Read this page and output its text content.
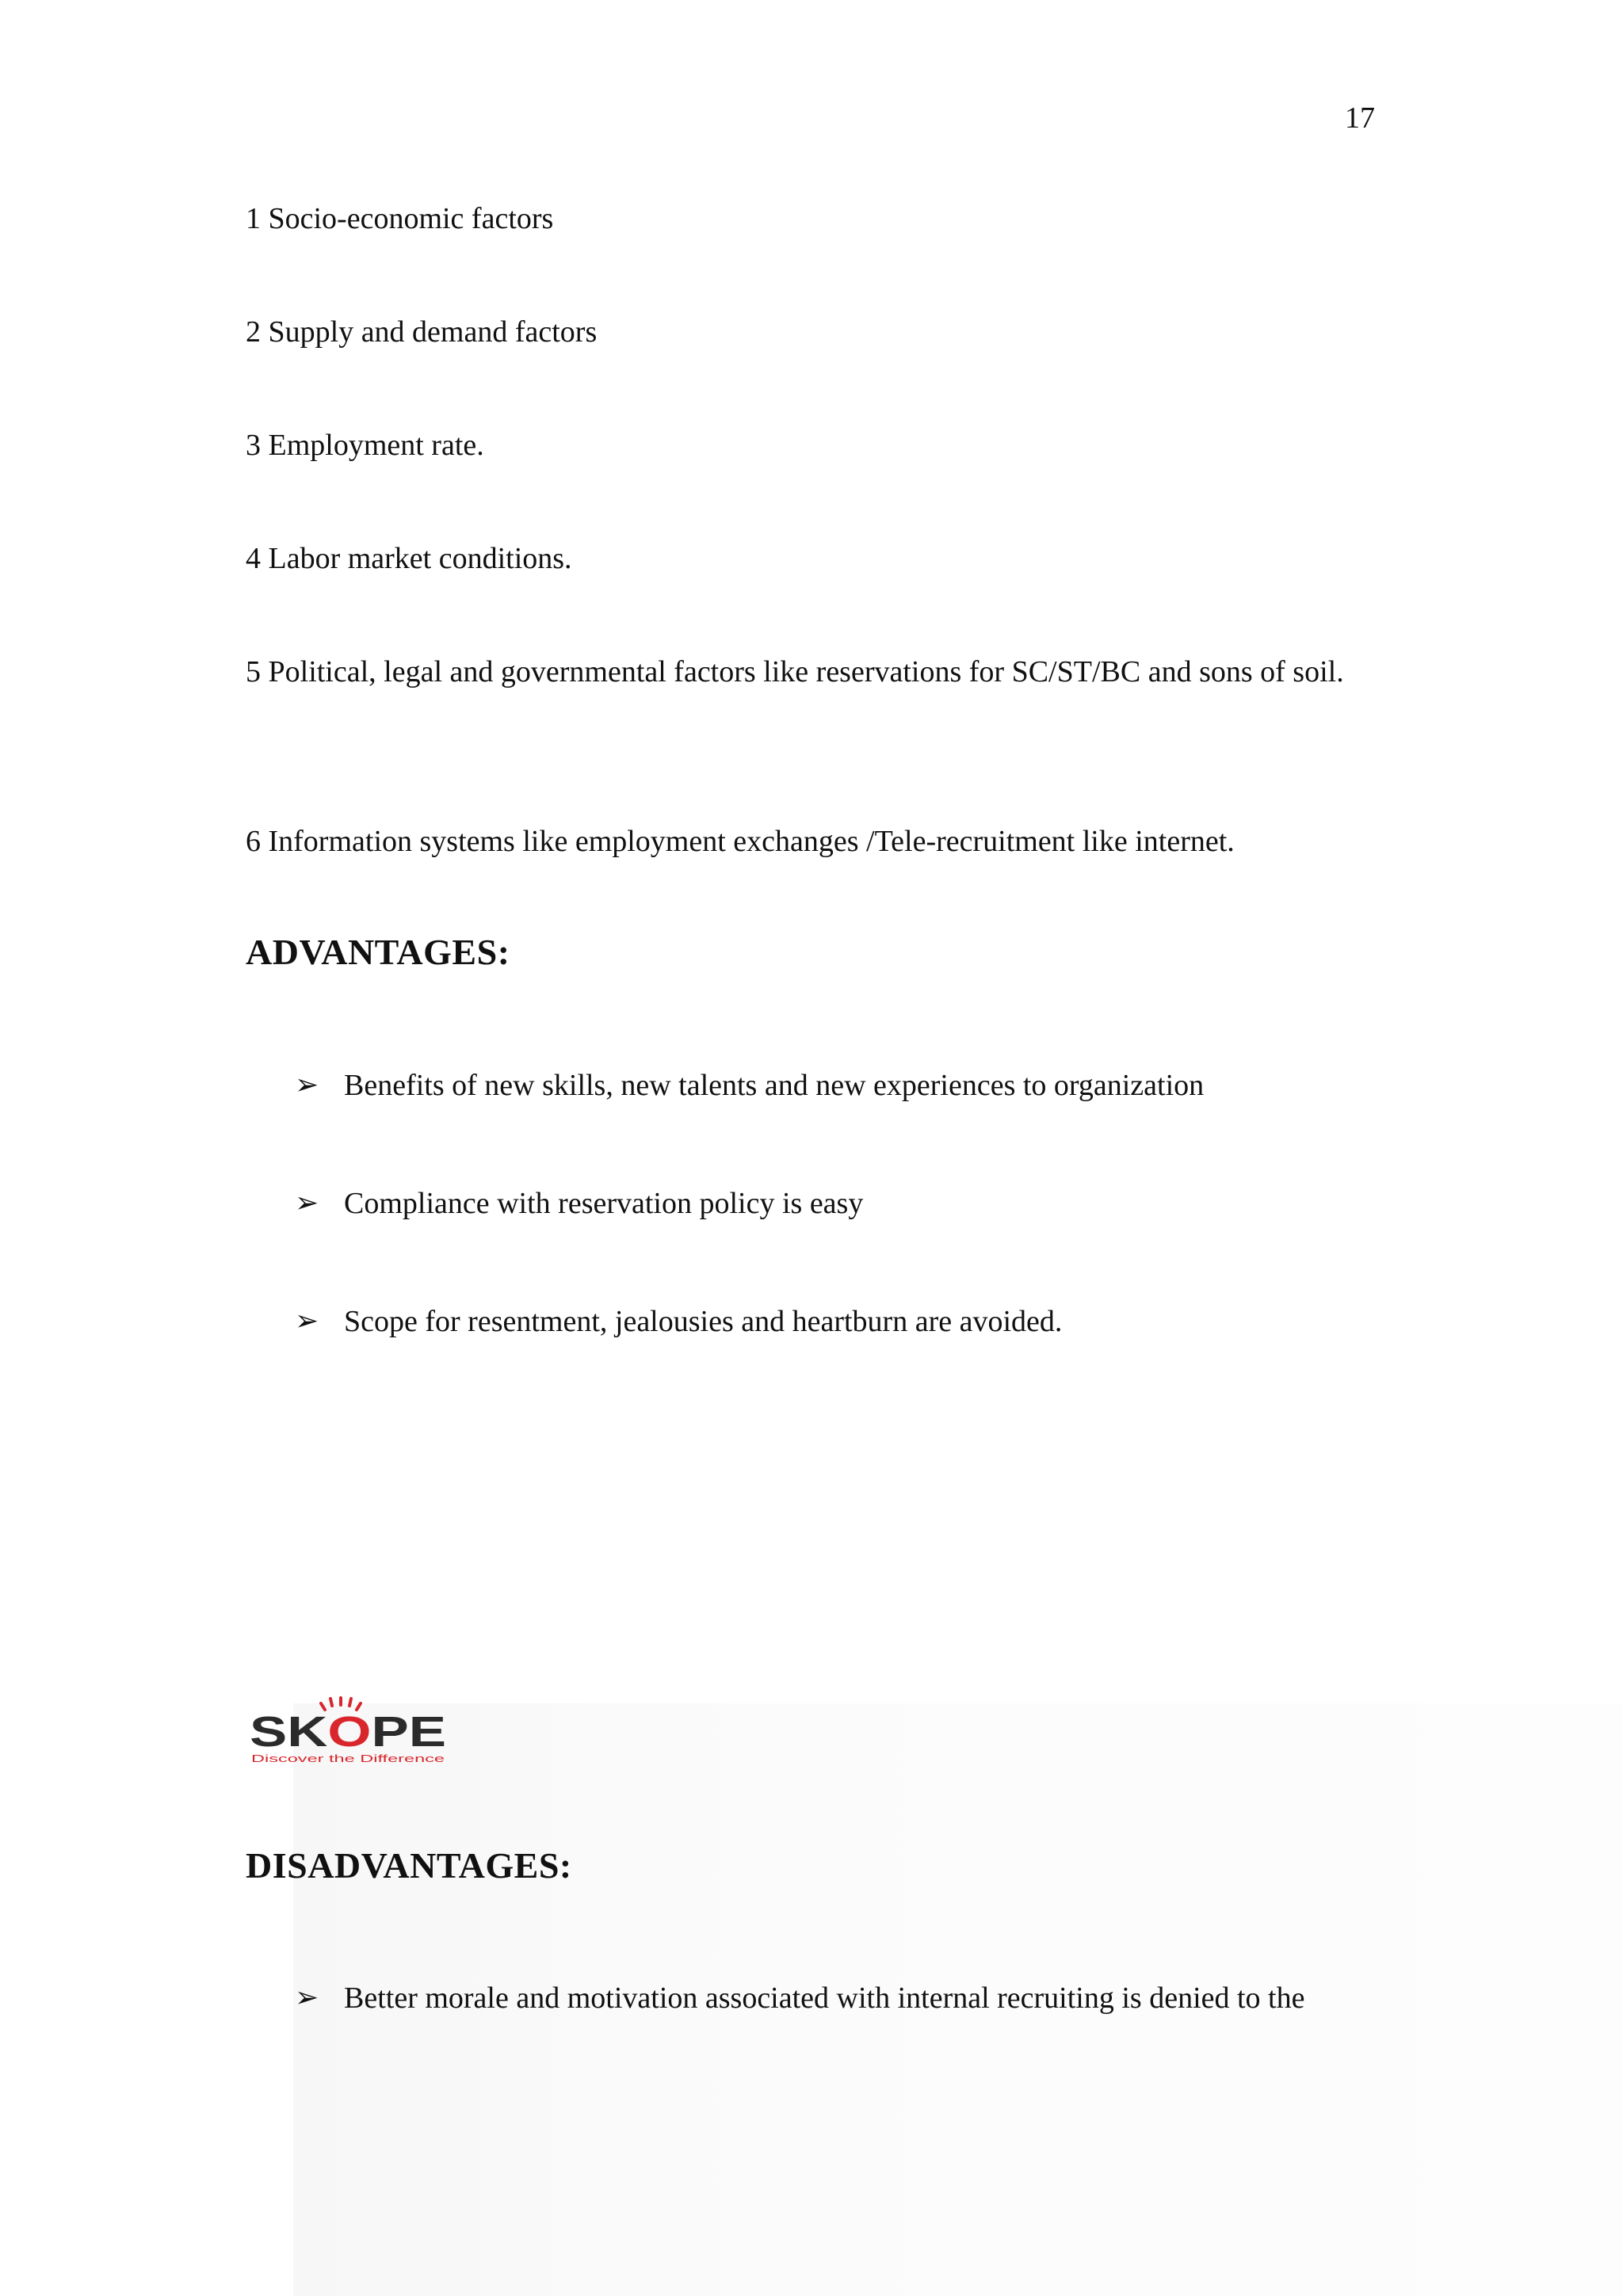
17
1 Socio-economic factors
2 Supply and demand factors
3 Employment rate.
4 Labor market conditions.
5 Political, legal and governmental factors like reservations for SC/ST/BC and sons of soil.
6 Information systems like employment exchanges /Tele-recruitment like internet.
ADVANTAGES:
➢ Benefits of new skills, new talents and new experiences to organization
➢ Compliance with reservation policy is easy
➢ Scope for resentment, jealousies and heartburn are avoided.
SK O PE
Discover the Difference
DISADVANTAGES:
➢ Better morale and motivation associated with internal recruiting is denied to the
